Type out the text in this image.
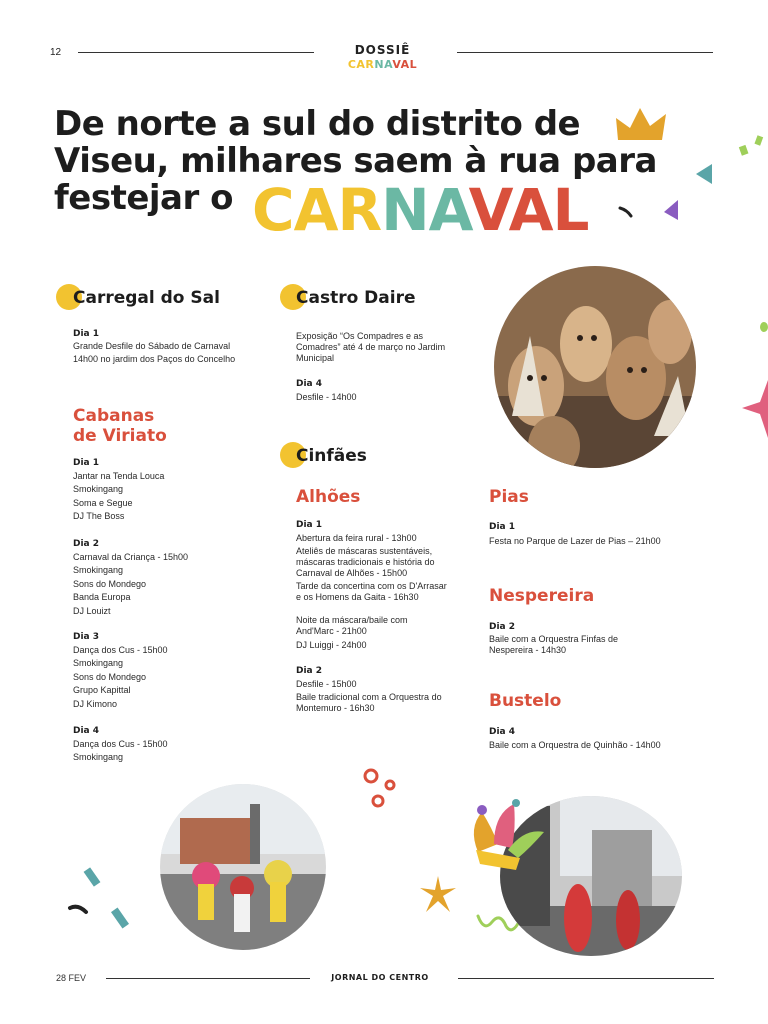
12	DOSSIÊ
CARNAVAL
De norte a sul do distrito de Viseu, milhares saem à rua para festejar o CARNAVAL
Carregal do Sal
Dia 1
Grande Desfile do Sábado de Carnaval
14h00 no jardim dos Paços do Concelho
Cabanas
de Viriato
Dia 1
Jantar na Tenda Louca
Smokingang
Soma e Segue
DJ The Boss
Dia 2
Carnaval da Criança - 15h00
Smokingang
Sons do Mondego
Banda Europa
DJ Louizt
Dia 3
Dança dos Cus - 15h00
Smokingang
Sons do Mondego
Grupo Kapittal
DJ Kimono
Dia 4
Dança dos Cus - 15h00
Smokingang
Castro Daire
Exposição “Os Compadres e as Comadres” até 4 de março no Jardim Municipal
Dia 4
Desfile - 14h00
Cinfães
Alhões
Dia 1
Abertura da feira rural - 13h00
Ateliês de máscaras sustentáveis, máscaras tradicionais e história do Carnaval de Alhões - 15h00
Tarde da concertina com os D'Arrasar e os Homens da Gaita - 16h30
Noite da máscara/baile com And'Marc - 21h00
DJ Luiggi - 24h00
Dia 2
Desfile - 15h00
Baile tradicional com a Orquestra do Montemuro - 16h30
Pias
Dia 1
Festa no Parque de Lazer de Pias – 21h00
Nespereira
Dia 2
Baile com a Orquestra Finfas de Nespereira - 14h30
Bustelo
Dia 4
Baile com a Orquestra de Quinhão - 14h00
28 FEV	JORNAL DO CENTRO
